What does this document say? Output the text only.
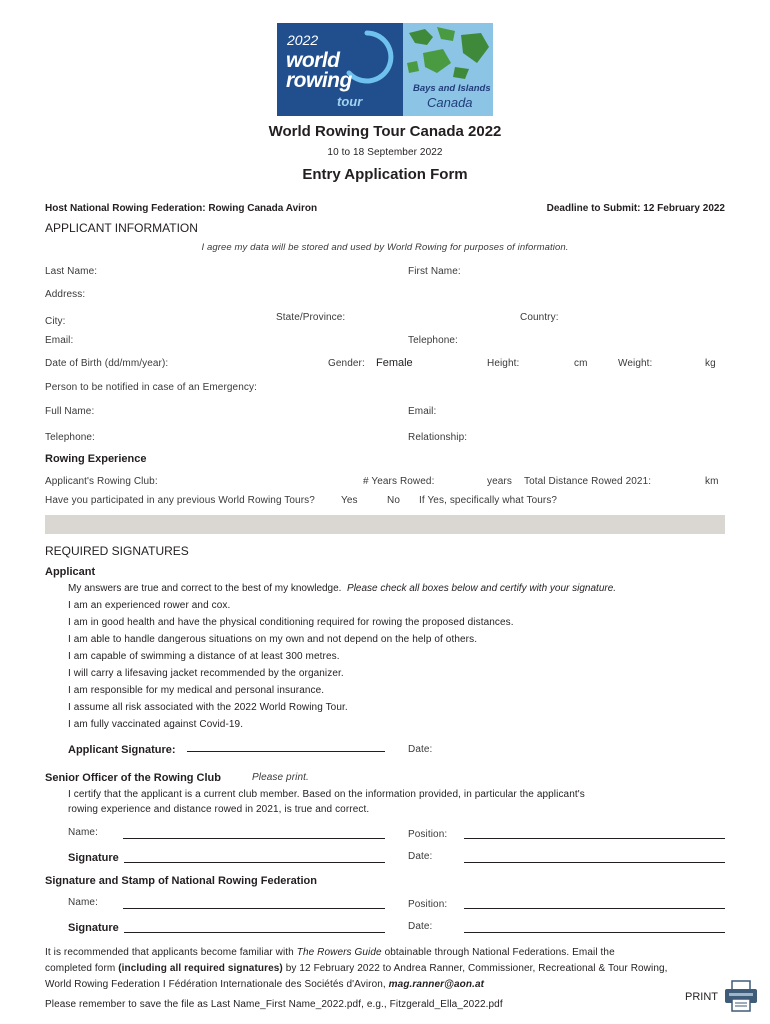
2022
world
rowing
tour
Bays and Islands
Canada
World Rowing Tour Canada 2022
10 to 18 September 2022
Entry Application Form
Host National Rowing Federation: Rowing Canada Aviron	Deadline to Submit: 12 February 2022
APPLICANT INFORMATION
I agree my data will be stored and used by World Rowing for purposes of information.
Last Name:	First Name:
Address:
City:	State/Province:	Country:
Email:	Telephone:
Date of Birth (dd/mm/year):	Gender: Female	Height:	cm	Weight:	kg
Person to be notified in case of an Emergency:
Full Name:	Email:
Telephone:	Relationship:
Rowing Experience
Applicant's Rowing Club:	# Years Rowed:	years Total Distance Rowed 2021:	km
Have you participated in any previous World Rowing Tours?	Yes	No If Yes, specifically what Tours?
REQUIRED SIGNATURES
Applicant
My answers are true and correct to the best of my knowledge. Please check all boxes below and certify with your signature.
I am an experienced rower and cox.
I am in good health and have the physical conditioning required for rowing the proposed distances.
I am able to handle dangerous situations on my own and not depend on the help of others.
I am capable of swimming a distance of at least 300 metres.
I will carry a lifesaving jacket recommended by the organizer.
I am responsible for my medical and personal insurance.
I assume all risk associated with the 2022 World Rowing Tour.
I am fully vaccinated against Covid-19.
Applicant Signature:	Date:
Senior Officer of the Rowing Club	Please print.
I certify that the applicant is a current club member. Based on the information provided, in particular the applicant's
rowing experience and distance rowed in 2021, is true and correct.
Name:	Position:
Signature	Date:
Signature and Stamp of National Rowing Federation
Name:	Position:
Signature	Date:
It is recommended that applicants become familiar with The Rowers Guide obtainable through National Federations. Email the
completed form (including all required signatures) by 12 February 2022 to Andrea Ranner, Commissioner, Recreational & Tour Rowing,
World Rowing Federation I Fédération Internationale des Sociétés d'Aviron, mag.ranner@aon.at
Please remember to save the file as Last Name_First Name_2022.pdf, e.g., Fitzgerald_Ella_2022.pdf
PRINT
